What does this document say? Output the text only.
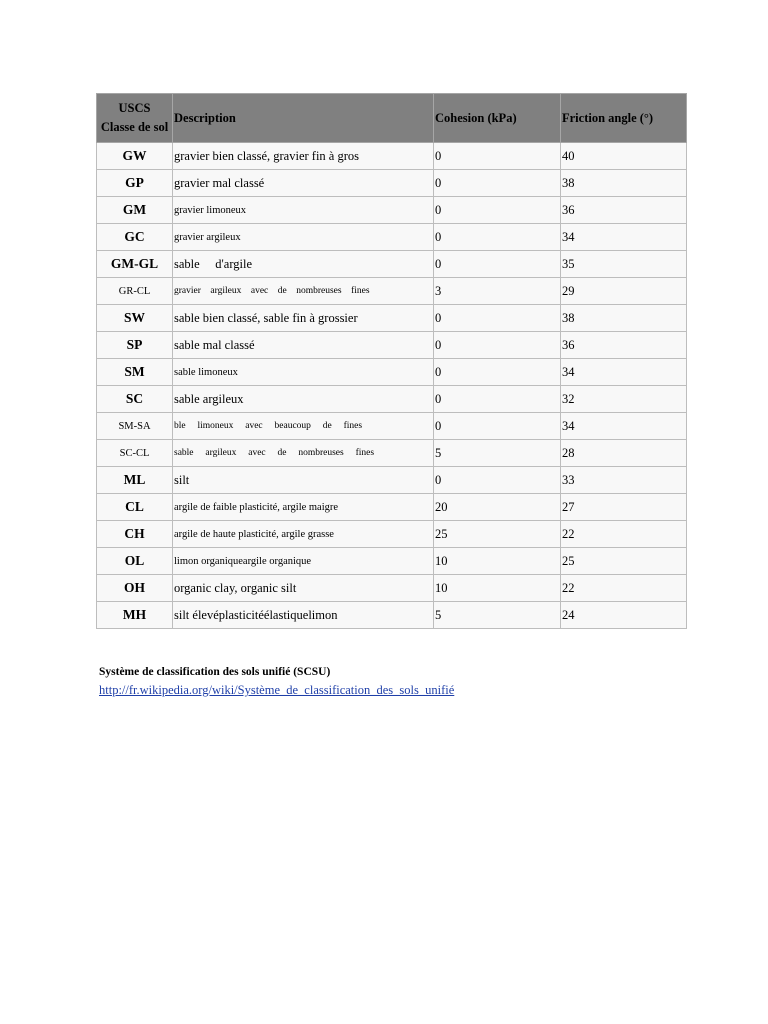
USCS
Classe de sol	Description	Cohesion (kPa)	Friction angle (°)
GW	gravier bien classé, gravier fin à gros	0	40
GP	gravier mal classé	0	38
GM	gravier limoneux	0	36
GC	gravier argileux	0	34
GM-GL	sable     d'argile	0	35
GR-CL	gravier    argileux    avec    de    nombreuses    fines	3	29
SW	sable bien classé, sable fin à grossier	0	38
SP	sable mal classé	0	36
SM	sable limoneux	0	34
SC	sable argileux	0	32
SM-SA	ble     limoneux     avec     beaucoup     de     fines	0	34
SC-CL	sable     argileux     avec     de     nombreuses     fines	5	28
ML	silt	0	33
CL	argile de faible plasticité, argile maigre	20	27
CH	argile de haute plasticité, argile grasse	25	22
OL	limon organiqueargile organique	10	25
OH	organic clay, organic silt	10	22
MH	silt élevéplasticitéélastiquelimon	5	24
Système de classification des sols unifié (SCSU)
http://fr.wikipedia.org/wiki/Système_de_classification_des_sols_unifié
